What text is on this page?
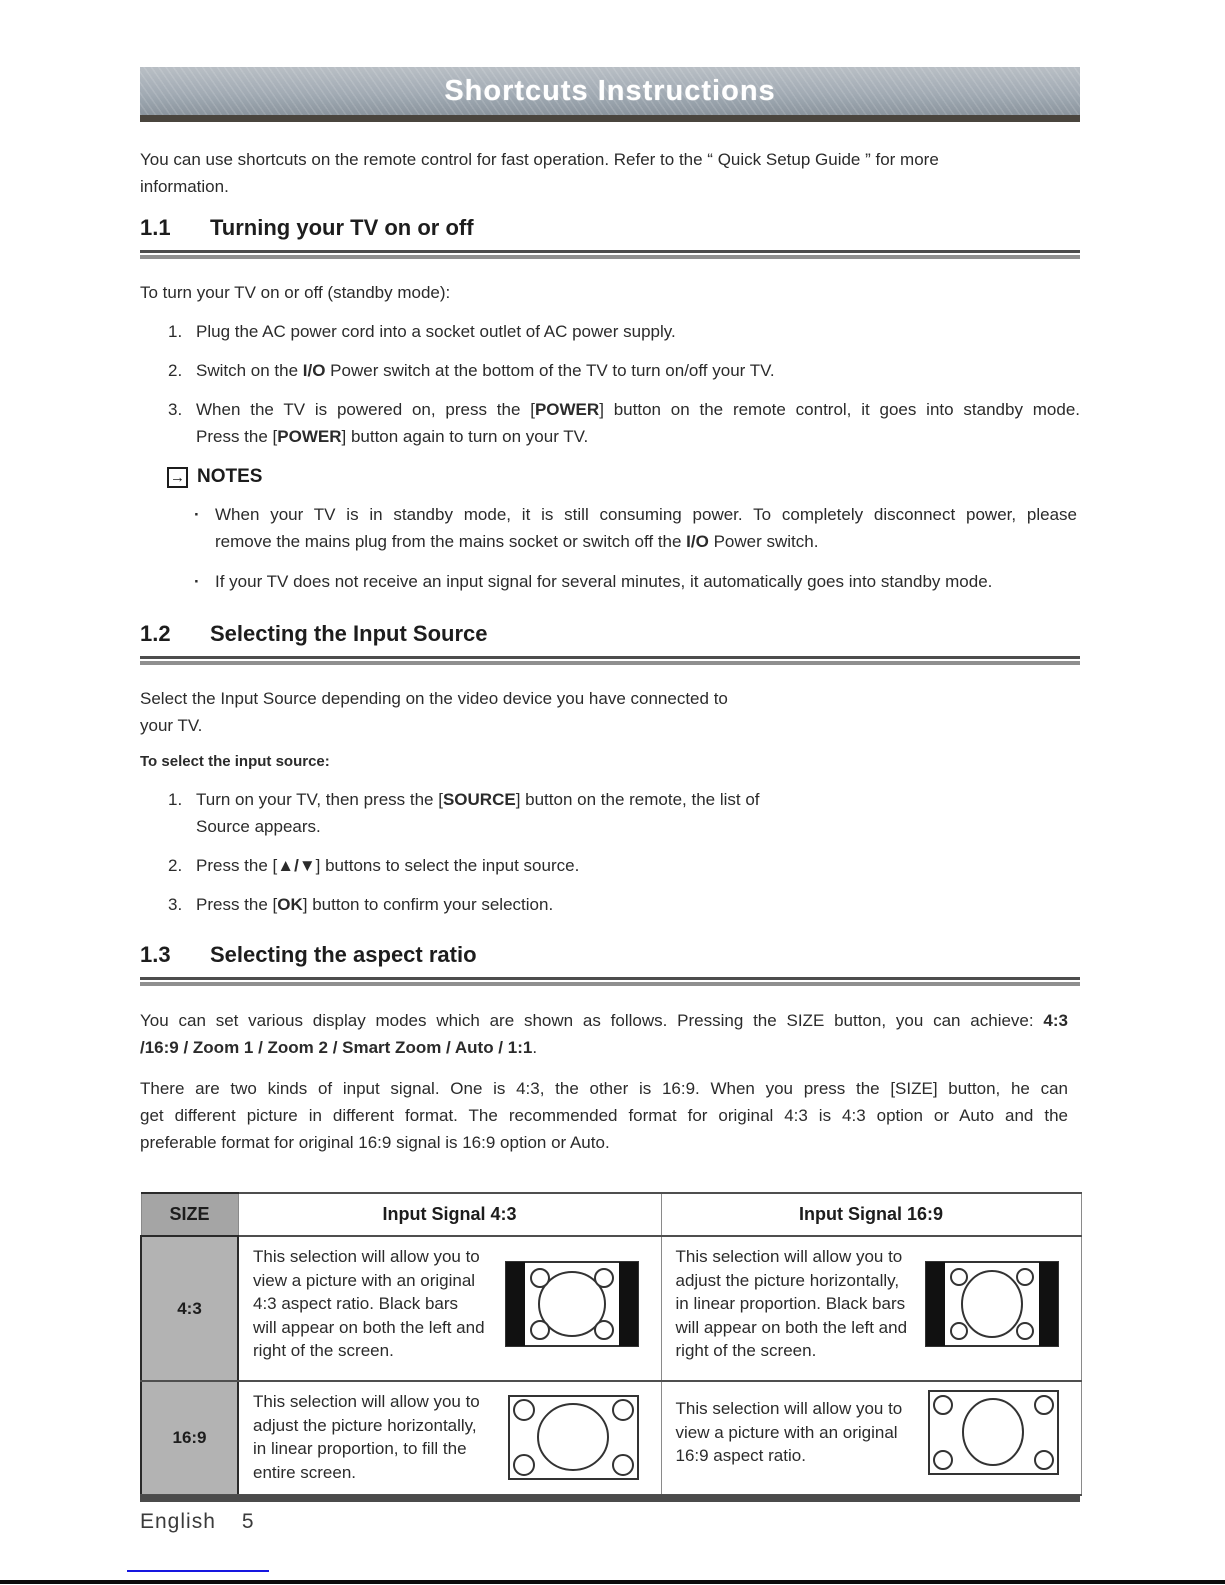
Shortcuts Instructions
You can use shortcuts on the remote control for fast operation. Refer to the “ Quick Setup Guide ” for more
information.
1.1	Turning your TV on or off
To turn your TV on or off (standby mode):
1. Plug the AC power cord into a socket outlet of AC power supply.
2. Switch on the I/O Power switch at the bottom of the TV to turn on/off your TV.
3. When the TV is powered on, press the [POWER] button on the remote control, it goes into standby mode.
Press the [POWER] button again to turn on your TV.
→ NOTES
· When your TV is in standby mode, it is still consuming power. To completely disconnect power, please
remove the mains plug from the mains socket or switch off the I/O Power switch.
· If your TV does not receive an input signal for several minutes, it automatically goes into standby mode.
1.2	Selecting the Input Source
Select the Input Source depending on the video device you have connected to
your TV.
To select the input source:
1. Turn on your TV, then press the [SOURCE] button on the remote, the list of
Source appears.
2. Press the [▲/▼] buttons to select the input source.
3. Press the [OK] button to confirm your selection.
1.3	Selecting the aspect ratio
You can set various display modes which are shown as follows. Pressing the SIZE button, you can achieve: 4:3
/16:9 / Zoom 1 / Zoom 2 / Smart Zoom / Auto / 1:1.
There are two kinds of input signal. One is 4:3, the other is 16:9. When you press the [SIZE] button, he can
get different picture in different format. The recommended format for original 4:3 is 4:3 option or Auto and the
preferable format for original 16:9 signal is 16:9 option or Auto.
SIZE	Input Signal 4:3	Input Signal 16:9
4:3	This selection will allow you to view a picture with an original 4:3 aspect ratio. Black bars will appear on both the left and right of the screen.	This selection will allow you to adjust the picture horizontally, in linear proportion. Black bars will appear on both the left and right of the screen.

16:9	This selection will allow you to adjust the picture horizontally, in linear proportion, to fill the entire screen.	This selection will allow you to view a picture with an original 16:9 aspect ratio.
English 5
